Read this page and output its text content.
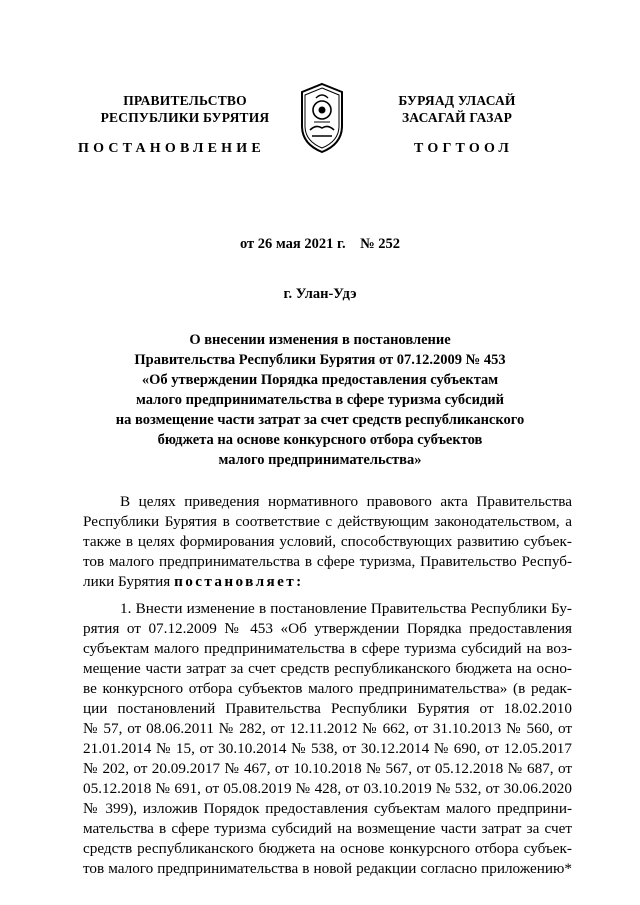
ПРАВИТЕЛЬСТВО
РЕСПУБЛИКИ БУРЯТИЯ
ПОСТАНОВЛЕНИЕ
БУРЯАД УЛАСАЙ
ЗАСАГАЙ ГАЗАР
ТОГТООЛ
от 26 мая 2021 г.    № 252
г. Улан-Удэ
О внесении изменения в постановление
Правительства Республики Бурятия от 07.12.2009 № 453
«Об утверждении Порядка предоставления субъектам
малого предпринимательства в сфере туризма субсидий
на возмещение части затрат за счет средств республиканского
бюджета на основе конкурсного отбора субъектов
малого предпринимательства»
В целях приведения нормативного правового акта Правительства
Республики Бурятия в соответствие с действующим законодательством, а
также в целях формирования условий, способствующих развитию субъек-
тов малого предпринимательства в сфере туризма, Правительство Респуб-
лики Бурятия постановляет:
1. Внести изменение в постановление Правительства Республики Бу-
рятия от 07.12.2009 № 453 «Об утверждении Порядка предоставления
субъектам малого предпринимательства в сфере туризма субсидий на воз-
мещение части затрат за счет средств республиканского бюджета на осно-
ве конкурсного отбора субъектов малого предпринимательства» (в редак-
ции постановлений Правительства Республики Бурятия от 18.02.2010
№ 57, от 08.06.2011 № 282, от 12.11.2012 № 662, от 31.10.2013 № 560, от
21.01.2014 № 15, от 30.10.2014 № 538, от 30.12.2014 № 690, от 12.05.2017
№ 202, от 20.09.2017 № 467, от 10.10.2018 № 567, от 05.12.2018 № 687, от
05.12.2018 № 691, от 05.08.2019 № 428, от 03.10.2019 № 532, от 30.06.2020
№ 399), изложив Порядок предоставления субъектам малого предприни-
мательства в сфере туризма субсидий на возмещение части затрат за счет
средств республиканского бюджета на основе конкурсного отбора субъек-
тов малого предпринимательства в новой редакции согласно приложению*
